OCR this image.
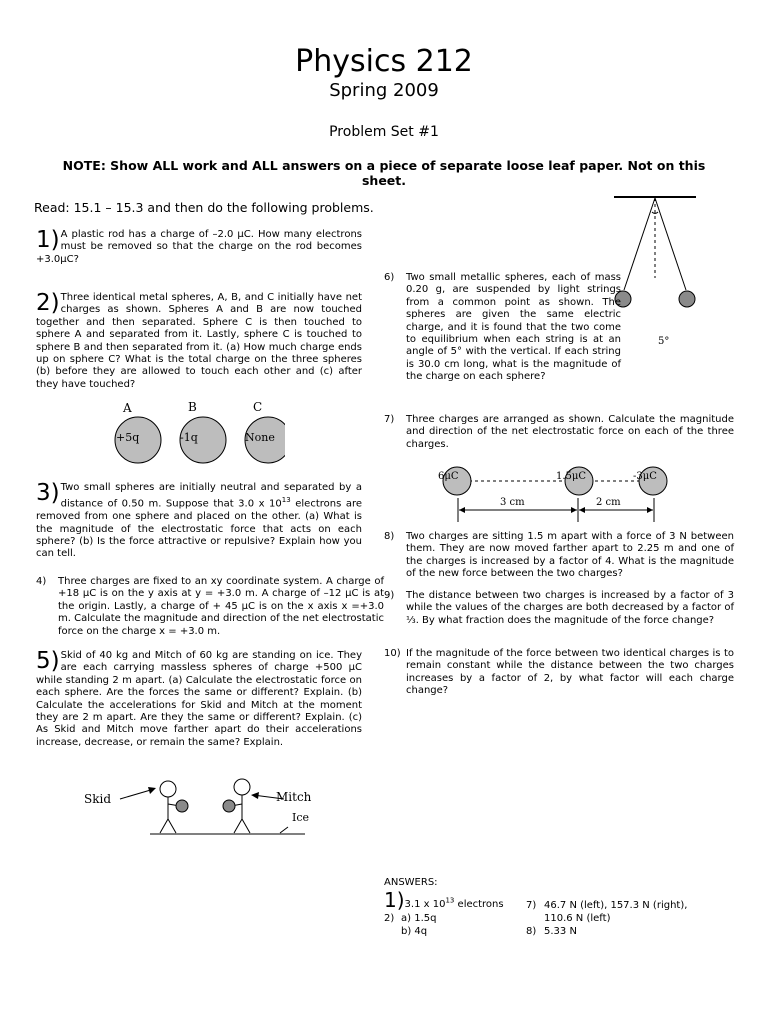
Physics 212
Spring 2009
Problem Set #1
NOTE: Show ALL work and ALL answers on a piece of separate loose leaf paper. Not on this sheet.
Read: 15.1 – 15.3 and then do the following problems.
1) A plastic rod has a charge of –2.0 μC. How many electrons must be removed so that the charge on the rod becomes +3.0μC?
2) Three identical metal spheres, A, B, and C initially have net charges as shown. Spheres A and B are now touched together and then separated. Sphere C is then touched to sphere A and separated from it. Lastly, sphere C is touched to sphere B and then separated from it. (a) How much charge ends up on sphere C? What is the total charge on the three spheres (b) before they are allowed to touch each other and (c) after they have touched?
A	B	C
+5q	-1q	None
3) Two small spheres are initially neutral and separated by a distance of 0.50 m. Suppose that 3.0 x $10^{13}$ electrons are removed from one sphere and placed on the other. (a) What is the magnitude of the electrostatic force that acts on each sphere? (b) Is the force attractive or repulsive? Explain how you can tell.
4) Three charges are fixed to an xy coordinate system. A charge of +18 μC is on the y axis at y = +3.0 m. A charge of –12 μC is at the origin. Lastly, a charge of + 45 μC is on the x axis x =+3.0 m. Calculate the magnitude and direction of the net electrostatic force on the charge x = +3.0 m.
5) Skid of 40 kg and Mitch of 60 kg are standing on ice. They are each carrying massless spheres of charge +500 μC while standing 2 m apart. (a) Calculate the electrostatic force on each sphere. Are the forces the same or different? Explain. (b) Calculate the accelerations for Skid and Mitch at the moment they are 2 m apart. Are they the same or different? Explain. (c) As Skid and Mitch move farther apart do their accelerations increase, decrease, or remain the same? Explain.
Skid	Mitch
Ice
5°
6) Two small metallic spheres, each of mass 0.20 g, are suspended by light strings from a common point as shown. The spheres are given the same electric charge, and it is found that the two come to equilibrium when each string is at an angle of 5° with the vertical. If each string is 30.0 cm long, what is the magnitude of the charge on each sphere?
7) Three charges are arranged as shown. Calculate the magnitude and direction of the net electrostatic force on each of the three charges.
6μC	1.5μC	-3μC
3 cm	2 cm
8) Two charges are sitting 1.5 m apart with a force of 3 N between them. They are now moved farther apart to 2.25 m and one of the charges is increased by a factor of 4. What is the magnitude of the new force between the two charges?
9) The distance between two charges is increased by a factor of 3 while the values of the charges are both decreased by a factor of ⅓. By what fraction does the magnitude of the force change?
10) If the magnitude of the force between two identical charges is to remain constant while the distance between the two charges increases by a factor of 2, by what factor will each charge change?
ANSWERS:
1)3.1 x $10^{13}$ electrons
2) a) 1.5q
b) 4q
7) 46.7 N (left), 157.3 N (right),
110.6 N (left)
8) 5.33 N
